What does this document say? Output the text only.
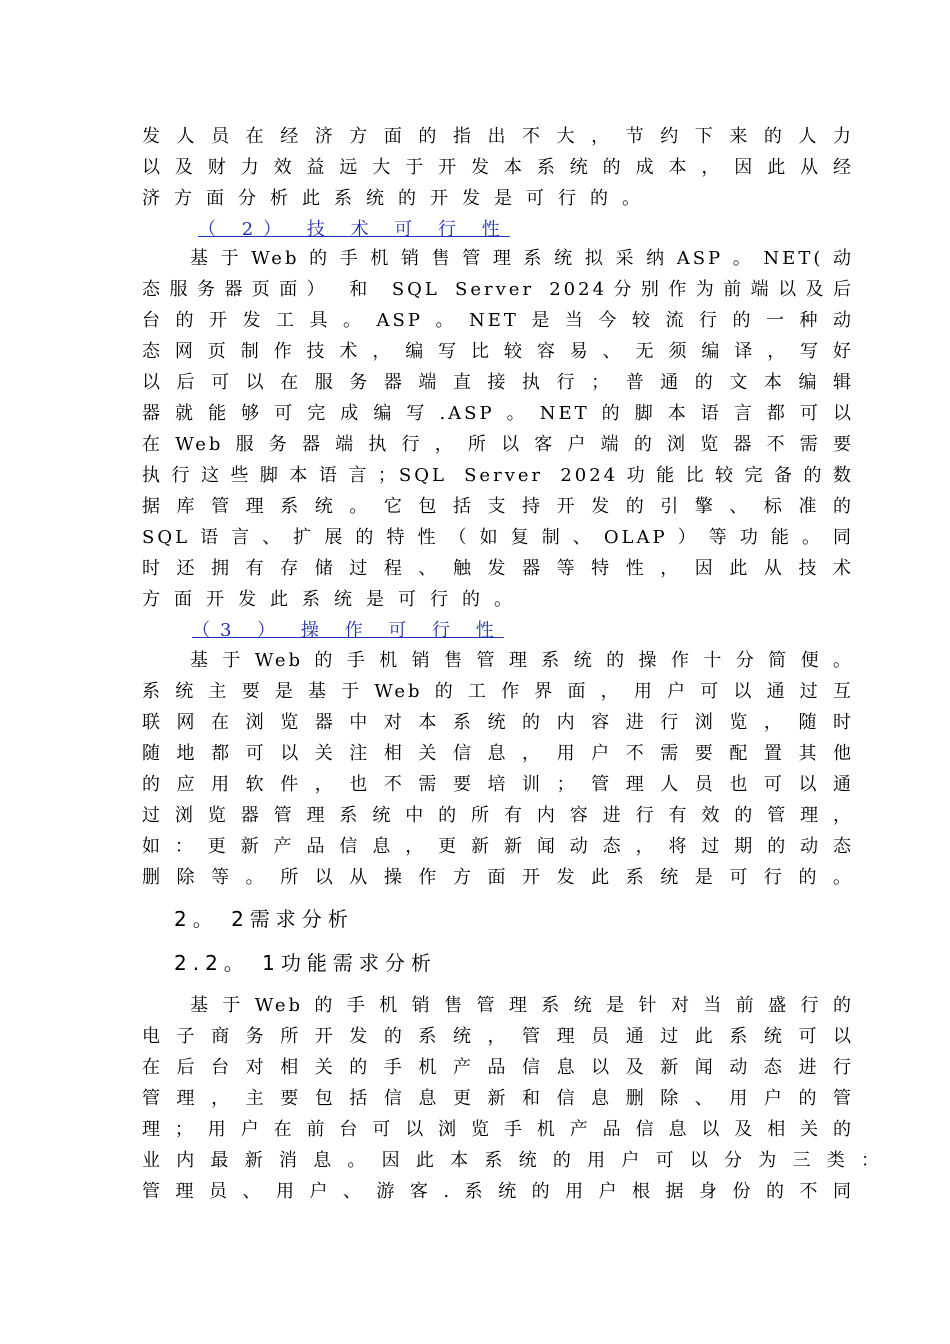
发人员在经济方面的指出不大，节约下来的人力
以及财力效益远大于开发本系统的成本，因此从经
济方面分析此系统的开发是可行的。
（ 2） 技 术 可 行 性
基于Web的手机销售管理系统拟采纳ASP。NET(动
态服务器页面） 和 SQL Server 2024分别作为前端以及后
台的开发工具。ASP。NET是当今较流行的一种动
态网页制作技术，编写比较容易、无须编译，写好
以后可以在服务器端直接执行；普通的文本编辑
器就能够可完成编写.ASP。NET的脚本语言都可以
在Web服务器端执行，所以客户端的浏览器不需要
执行这些脚本语言；SQL Server 2024功能比较完备的数
据库管理系统。它包括支持开发的引擎、标准的
SQL语言、扩展的特性（如复制、OLAP）等功能。同
时还拥有存储过程、触发器等特性，因此从技术
方面开发此系统是可行的。
（3 ） 操 作 可 行 性
基于Web的手机销售管理系统的操作十分简便。
系统主要是基于Web的工作界面，用户可以通过互
联网在浏览器中对本系统的内容进行浏览，随时
随地都可以关注相关信息，用户不需要配置其他
的应用软件，也不需要培训；管理人员也可以通
过浏览器管理系统中的所有内容进行有效的管理，
如：更新产品信息，更新新闻动态，将过期的动态
删除等。所以从操作方面开发此系统是可行的。
2。 2需求分析
2.2。 1功能需求分析
基于Web的手机销售管理系统是针对当前盛行的
电子商务所开发的系统，管理员通过此系统可以
在后台对相关的手机产品信息以及新闻动态进行
管理，主要包括信息更新和信息删除、用户的管
理；用户在前台可以浏览手机产品信息以及相关的
业内最新消息。因此本系统的用户可以分为三类：
管理员、用户、游客.系统的用户根据身份的不同
